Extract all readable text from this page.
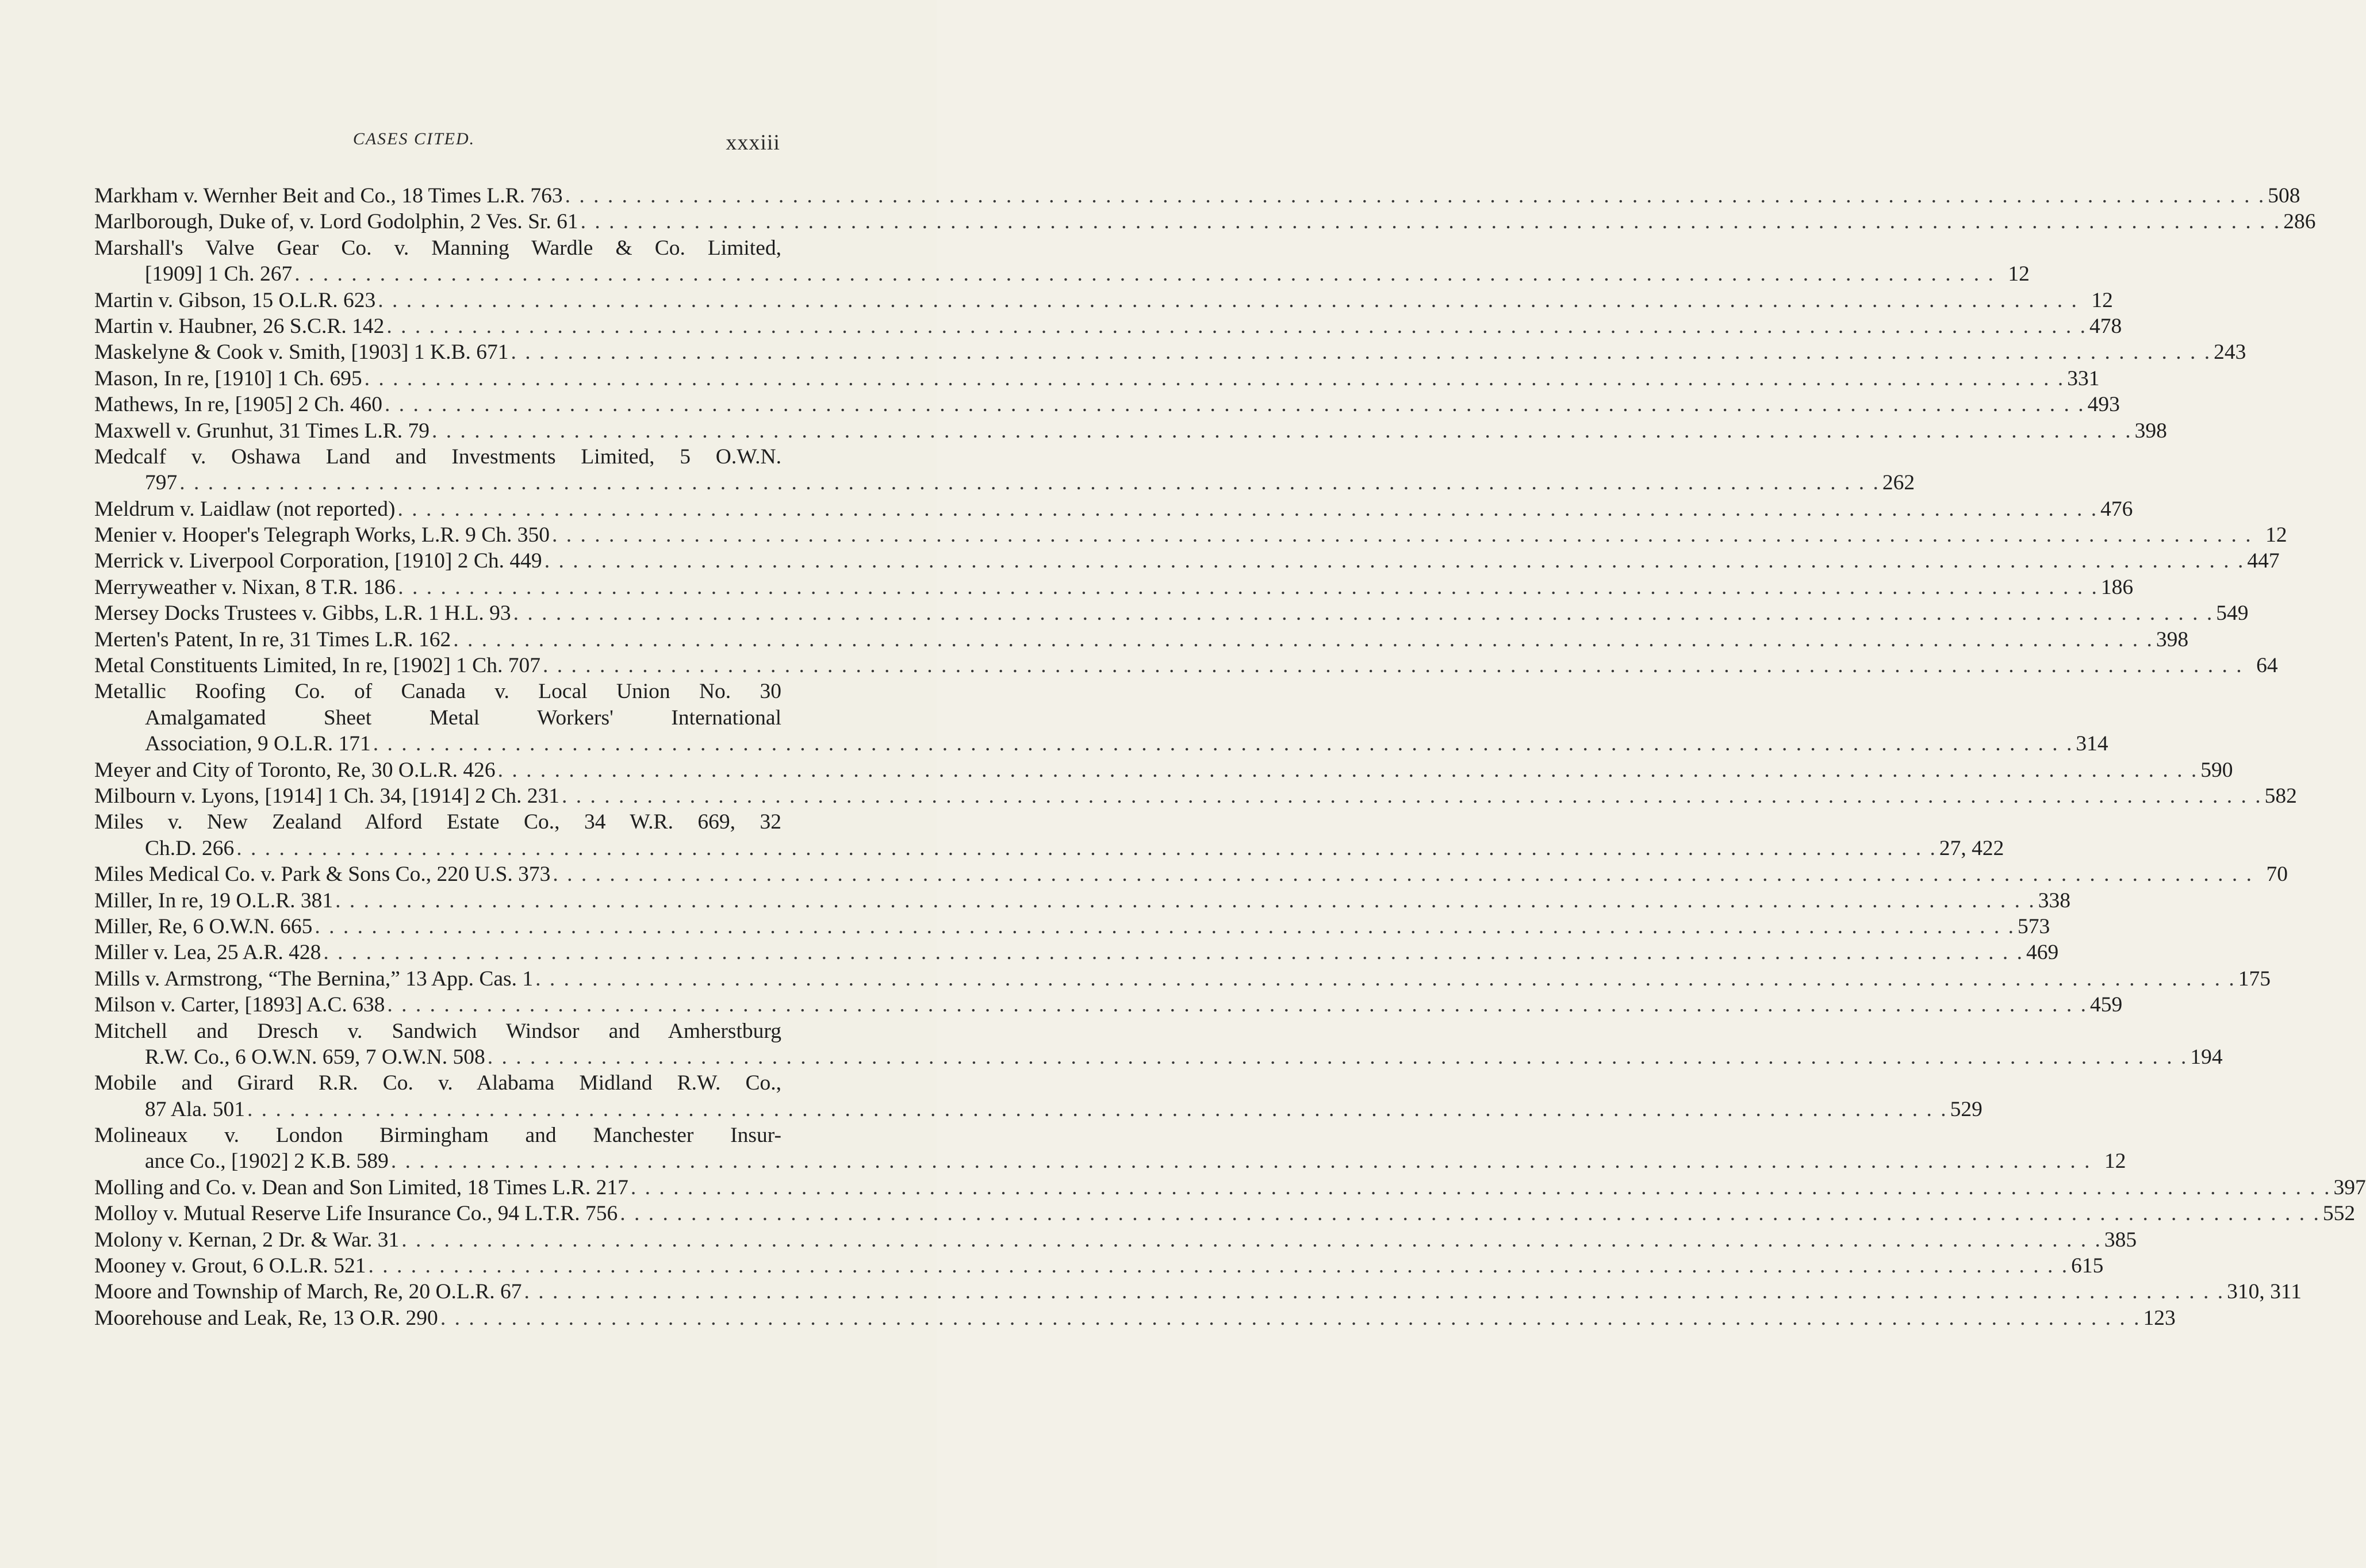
CASES CITED.	xxxiii
Markham v. Wernher Beit and Co., 18 Times L.R. 763 . . . . . . . . . . . . . . . . . . . . . . . . . . . . . . . . . . . . . . . . . . . . . . . . . . . . . . . . . . . . . . . . . . . . . . . . . . . . . . . . . . . . . . . . . . . . . . . . . . . . . . . . . . . . . . . . . . . . . . . . 508
Marlborough, Duke of, v. Lord Godolphin, 2 Ves. Sr. 61 . . . . . . . . . . . . . . . . . . . . . . . . . . . . . . . . . . . . . . . . . . . . . . . . . . . . . . . . . . . . . . . . . . . . . . . . . . . . . . . . . . . . . . . . . . . . . . . . . . . . . . . . . . . . . . . . . . . . . . . . 286
Marshall's Valve Gear Co. v. Manning Wardle & Co. Limited,
[1909] 1 Ch. 267 . . . . . . . . . . . . . . . . . . . . . . . . . . . . . . . . . . . . . . . . . . . . . . . . . . . . . . . . . . . . . . . . . . . . . . . . . . . . . . . . . . . . . . . . . . . . . . . . . . . . . . . . . . . . . . . . . . . . . . . . 12
Martin v. Gibson, 15 O.L.R. 623 . . . . . . . . . . . . . . . . . . . . . . . . . . . . . . . . . . . . . . . . . . . . . . . . . . . . . . . . . . . . . . . . . . . . . . . . . . . . . . . . . . . . . . . . . . . . . . . . . . . . . . . . . . . . . . . . . . . . . . . . 12
Martin v. Haubner, 26 S.C.R. 142 . . . . . . . . . . . . . . . . . . . . . . . . . . . . . . . . . . . . . . . . . . . . . . . . . . . . . . . . . . . . . . . . . . . . . . . . . . . . . . . . . . . . . . . . . . . . . . . . . . . . . . . . . . . . . . . . . . . . . . . . 478
Maskelyne & Cook v. Smith, [1903] 1 K.B. 671 . . . . . . . . . . . . . . . . . . . . . . . . . . . . . . . . . . . . . . . . . . . . . . . . . . . . . . . . . . . . . . . . . . . . . . . . . . . . . . . . . . . . . . . . . . . . . . . . . . . . . . . . . . . . . . . . . . . . . . . . 243
Mason, In re, [1910] 1 Ch. 695 . . . . . . . . . . . . . . . . . . . . . . . . . . . . . . . . . . . . . . . . . . . . . . . . . . . . . . . . . . . . . . . . . . . . . . . . . . . . . . . . . . . . . . . . . . . . . . . . . . . . . . . . . . . . . . . . . . . . . . . . 331
Mathews, In re, [1905] 2 Ch. 460 . . . . . . . . . . . . . . . . . . . . . . . . . . . . . . . . . . . . . . . . . . . . . . . . . . . . . . . . . . . . . . . . . . . . . . . . . . . . . . . . . . . . . . . . . . . . . . . . . . . . . . . . . . . . . . . . . . . . . . . . 493
Maxwell v. Grunhut, 31 Times L.R. 79 . . . . . . . . . . . . . . . . . . . . . . . . . . . . . . . . . . . . . . . . . . . . . . . . . . . . . . . . . . . . . . . . . . . . . . . . . . . . . . . . . . . . . . . . . . . . . . . . . . . . . . . . . . . . . . . . . . . . . . . . 398
Medcalf v. Oshawa Land and Investments Limited, 5 O.W.N.
797 . . . . . . . . . . . . . . . . . . . . . . . . . . . . . . . . . . . . . . . . . . . . . . . . . . . . . . . . . . . . . . . . . . . . . . . . . . . . . . . . . . . . . . . . . . . . . . . . . . . . . . . . . . . . . . . . . . . . . . . . 262
Meldrum v. Laidlaw (not reported) . . . . . . . . . . . . . . . . . . . . . . . . . . . . . . . . . . . . . . . . . . . . . . . . . . . . . . . . . . . . . . . . . . . . . . . . . . . . . . . . . . . . . . . . . . . . . . . . . . . . . . . . . . . . . . . . . . . . . . . . 476
Menier v. Hooper's Telegraph Works, L.R. 9 Ch. 350 . . . . . . . . . . . . . . . . . . . . . . . . . . . . . . . . . . . . . . . . . . . . . . . . . . . . . . . . . . . . . . . . . . . . . . . . . . . . . . . . . . . . . . . . . . . . . . . . . . . . . . . . . . . . . . . . . . . . . . . . 12
Merrick v. Liverpool Corporation, [1910] 2 Ch. 449 . . . . . . . . . . . . . . . . . . . . . . . . . . . . . . . . . . . . . . . . . . . . . . . . . . . . . . . . . . . . . . . . . . . . . . . . . . . . . . . . . . . . . . . . . . . . . . . . . . . . . . . . . . . . . . . . . . . . . . . . 447
Merryweather v. Nixan, 8 T.R. 186 . . . . . . . . . . . . . . . . . . . . . . . . . . . . . . . . . . . . . . . . . . . . . . . . . . . . . . . . . . . . . . . . . . . . . . . . . . . . . . . . . . . . . . . . . . . . . . . . . . . . . . . . . . . . . . . . . . . . . . . . 186
Mersey Docks Trustees v. Gibbs, L.R. 1 H.L. 93 . . . . . . . . . . . . . . . . . . . . . . . . . . . . . . . . . . . . . . . . . . . . . . . . . . . . . . . . . . . . . . . . . . . . . . . . . . . . . . . . . . . . . . . . . . . . . . . . . . . . . . . . . . . . . . . . . . . . . . . . 549
Merten's Patent, In re, 31 Times L.R. 162 . . . . . . . . . . . . . . . . . . . . . . . . . . . . . . . . . . . . . . . . . . . . . . . . . . . . . . . . . . . . . . . . . . . . . . . . . . . . . . . . . . . . . . . . . . . . . . . . . . . . . . . . . . . . . . . . . . . . . . . . 398
Metal Constituents Limited, In re, [1902] 1 Ch. 707 . . . . . . . . . . . . . . . . . . . . . . . . . . . . . . . . . . . . . . . . . . . . . . . . . . . . . . . . . . . . . . . . . . . . . . . . . . . . . . . . . . . . . . . . . . . . . . . . . . . . . . . . . . . . . . . . . . . . . . . . 64
Metallic Roofing Co. of Canada v. Local Union No. 30
Amalgamated Sheet Metal Workers' International
Association, 9 O.L.R. 171 . . . . . . . . . . . . . . . . . . . . . . . . . . . . . . . . . . . . . . . . . . . . . . . . . . . . . . . . . . . . . . . . . . . . . . . . . . . . . . . . . . . . . . . . . . . . . . . . . . . . . . . . . . . . . . . . . . . . . . . . 314
Meyer and City of Toronto, Re, 30 O.L.R. 426 . . . . . . . . . . . . . . . . . . . . . . . . . . . . . . . . . . . . . . . . . . . . . . . . . . . . . . . . . . . . . . . . . . . . . . . . . . . . . . . . . . . . . . . . . . . . . . . . . . . . . . . . . . . . . . . . . . . . . . . . 590
Milbourn v. Lyons, [1914] 1 Ch. 34, [1914] 2 Ch. 231 . . . . . . . . . . . . . . . . . . . . . . . . . . . . . . . . . . . . . . . . . . . . . . . . . . . . . . . . . . . . . . . . . . . . . . . . . . . . . . . . . . . . . . . . . . . . . . . . . . . . . . . . . . . . . . . . . . . . . . . . 582
Miles v. New Zealand Alford Estate Co., 34 W.R. 669, 32
Ch.D. 266 . . . . . . . . . . . . . . . . . . . . . . . . . . . . . . . . . . . . . . . . . . . . . . . . . . . . . . . . . . . . . . . . . . . . . . . . . . . . . . . . . . . . . . . . . . . . . . . . . . . . . . . . . . . . . . . . . . . . . . . . 27, 422
Miles Medical Co. v. Park & Sons Co., 220 U.S. 373 . . . . . . . . . . . . . . . . . . . . . . . . . . . . . . . . . . . . . . . . . . . . . . . . . . . . . . . . . . . . . . . . . . . . . . . . . . . . . . . . . . . . . . . . . . . . . . . . . . . . . . . . . . . . . . . . . . . . . . . . 70
Miller, In re, 19 O.L.R. 381 . . . . . . . . . . . . . . . . . . . . . . . . . . . . . . . . . . . . . . . . . . . . . . . . . . . . . . . . . . . . . . . . . . . . . . . . . . . . . . . . . . . . . . . . . . . . . . . . . . . . . . . . . . . . . . . . . . . . . . . . 338
Miller, Re, 6 O.W.N. 665 . . . . . . . . . . . . . . . . . . . . . . . . . . . . . . . . . . . . . . . . . . . . . . . . . . . . . . . . . . . . . . . . . . . . . . . . . . . . . . . . . . . . . . . . . . . . . . . . . . . . . . . . . . . . . . . . . . . . . . . . 573
Miller v. Lea, 25 A.R. 428 . . . . . . . . . . . . . . . . . . . . . . . . . . . . . . . . . . . . . . . . . . . . . . . . . . . . . . . . . . . . . . . . . . . . . . . . . . . . . . . . . . . . . . . . . . . . . . . . . . . . . . . . . . . . . . . . . . . . . . . . 469
Mills v. Armstrong, “The Bernina,” 13 App. Cas. 1 . . . . . . . . . . . . . . . . . . . . . . . . . . . . . . . . . . . . . . . . . . . . . . . . . . . . . . . . . . . . . . . . . . . . . . . . . . . . . . . . . . . . . . . . . . . . . . . . . . . . . . . . . . . . . . . . . . . . . . . . 175
Milson v. Carter, [1893] A.C. 638 . . . . . . . . . . . . . . . . . . . . . . . . . . . . . . . . . . . . . . . . . . . . . . . . . . . . . . . . . . . . . . . . . . . . . . . . . . . . . . . . . . . . . . . . . . . . . . . . . . . . . . . . . . . . . . . . . . . . . . . . 459
Mitchell and Dresch v. Sandwich Windsor and Amherstburg
R.W. Co., 6 O.W.N. 659, 7 O.W.N. 508 . . . . . . . . . . . . . . . . . . . . . . . . . . . . . . . . . . . . . . . . . . . . . . . . . . . . . . . . . . . . . . . . . . . . . . . . . . . . . . . . . . . . . . . . . . . . . . . . . . . . . . . . . . . . . . . . . . . . . . . . 194
Mobile and Girard R.R. Co. v. Alabama Midland R.W. Co.,
87 Ala. 501 . . . . . . . . . . . . . . . . . . . . . . . . . . . . . . . . . . . . . . . . . . . . . . . . . . . . . . . . . . . . . . . . . . . . . . . . . . . . . . . . . . . . . . . . . . . . . . . . . . . . . . . . . . . . . . . . . . . . . . . . 529
Molineaux v. London Birmingham and Manchester Insur-
ance Co., [1902] 2 K.B. 589 . . . . . . . . . . . . . . . . . . . . . . . . . . . . . . . . . . . . . . . . . . . . . . . . . . . . . . . . . . . . . . . . . . . . . . . . . . . . . . . . . . . . . . . . . . . . . . . . . . . . . . . . . . . . . . . . . . . . . . . . 12
Molling and Co. v. Dean and Son Limited, 18 Times L.R. 217 . . . . . . . . . . . . . . . . . . . . . . . . . . . . . . . . . . . . . . . . . . . . . . . . . . . . . . . . . . . . . . . . . . . . . . . . . . . . . . . . . . . . . . . . . . . . . . . . . . . . . . . . . . . . . . . . . . . . . . . . 397
Molloy v. Mutual Reserve Life Insurance Co., 94 L.T.R. 756 . . . . . . . . . . . . . . . . . . . . . . . . . . . . . . . . . . . . . . . . . . . . . . . . . . . . . . . . . . . . . . . . . . . . . . . . . . . . . . . . . . . . . . . . . . . . . . . . . . . . . . . . . . . . . . . . . . . . . . . . 552
Molony v. Kernan, 2 Dr. & War. 31 . . . . . . . . . . . . . . . . . . . . . . . . . . . . . . . . . . . . . . . . . . . . . . . . . . . . . . . . . . . . . . . . . . . . . . . . . . . . . . . . . . . . . . . . . . . . . . . . . . . . . . . . . . . . . . . . . . . . . . . . 385
Mooney v. Grout, 6 O.L.R. 521 . . . . . . . . . . . . . . . . . . . . . . . . . . . . . . . . . . . . . . . . . . . . . . . . . . . . . . . . . . . . . . . . . . . . . . . . . . . . . . . . . . . . . . . . . . . . . . . . . . . . . . . . . . . . . . . . . . . . . . . . 615
Moore and Township of March, Re, 20 O.L.R. 67 . . . . . . . . . . . . . . . . . . . . . . . . . . . . . . . . . . . . . . . . . . . . . . . . . . . . . . . . . . . . . . . . . . . . . . . . . . . . . . . . . . . . . . . . . . . . . . . . . . . . . . . . . . . . . . . . . . . . . . . . 310, 311
Moorehouse and Leak, Re, 13 O.R. 290 . . . . . . . . . . . . . . . . . . . . . . . . . . . . . . . . . . . . . . . . . . . . . . . . . . . . . . . . . . . . . . . . . . . . . . . . . . . . . . . . . . . . . . . . . . . . . . . . . . . . . . . . . . . . . . . . . . . . . . . . 123
